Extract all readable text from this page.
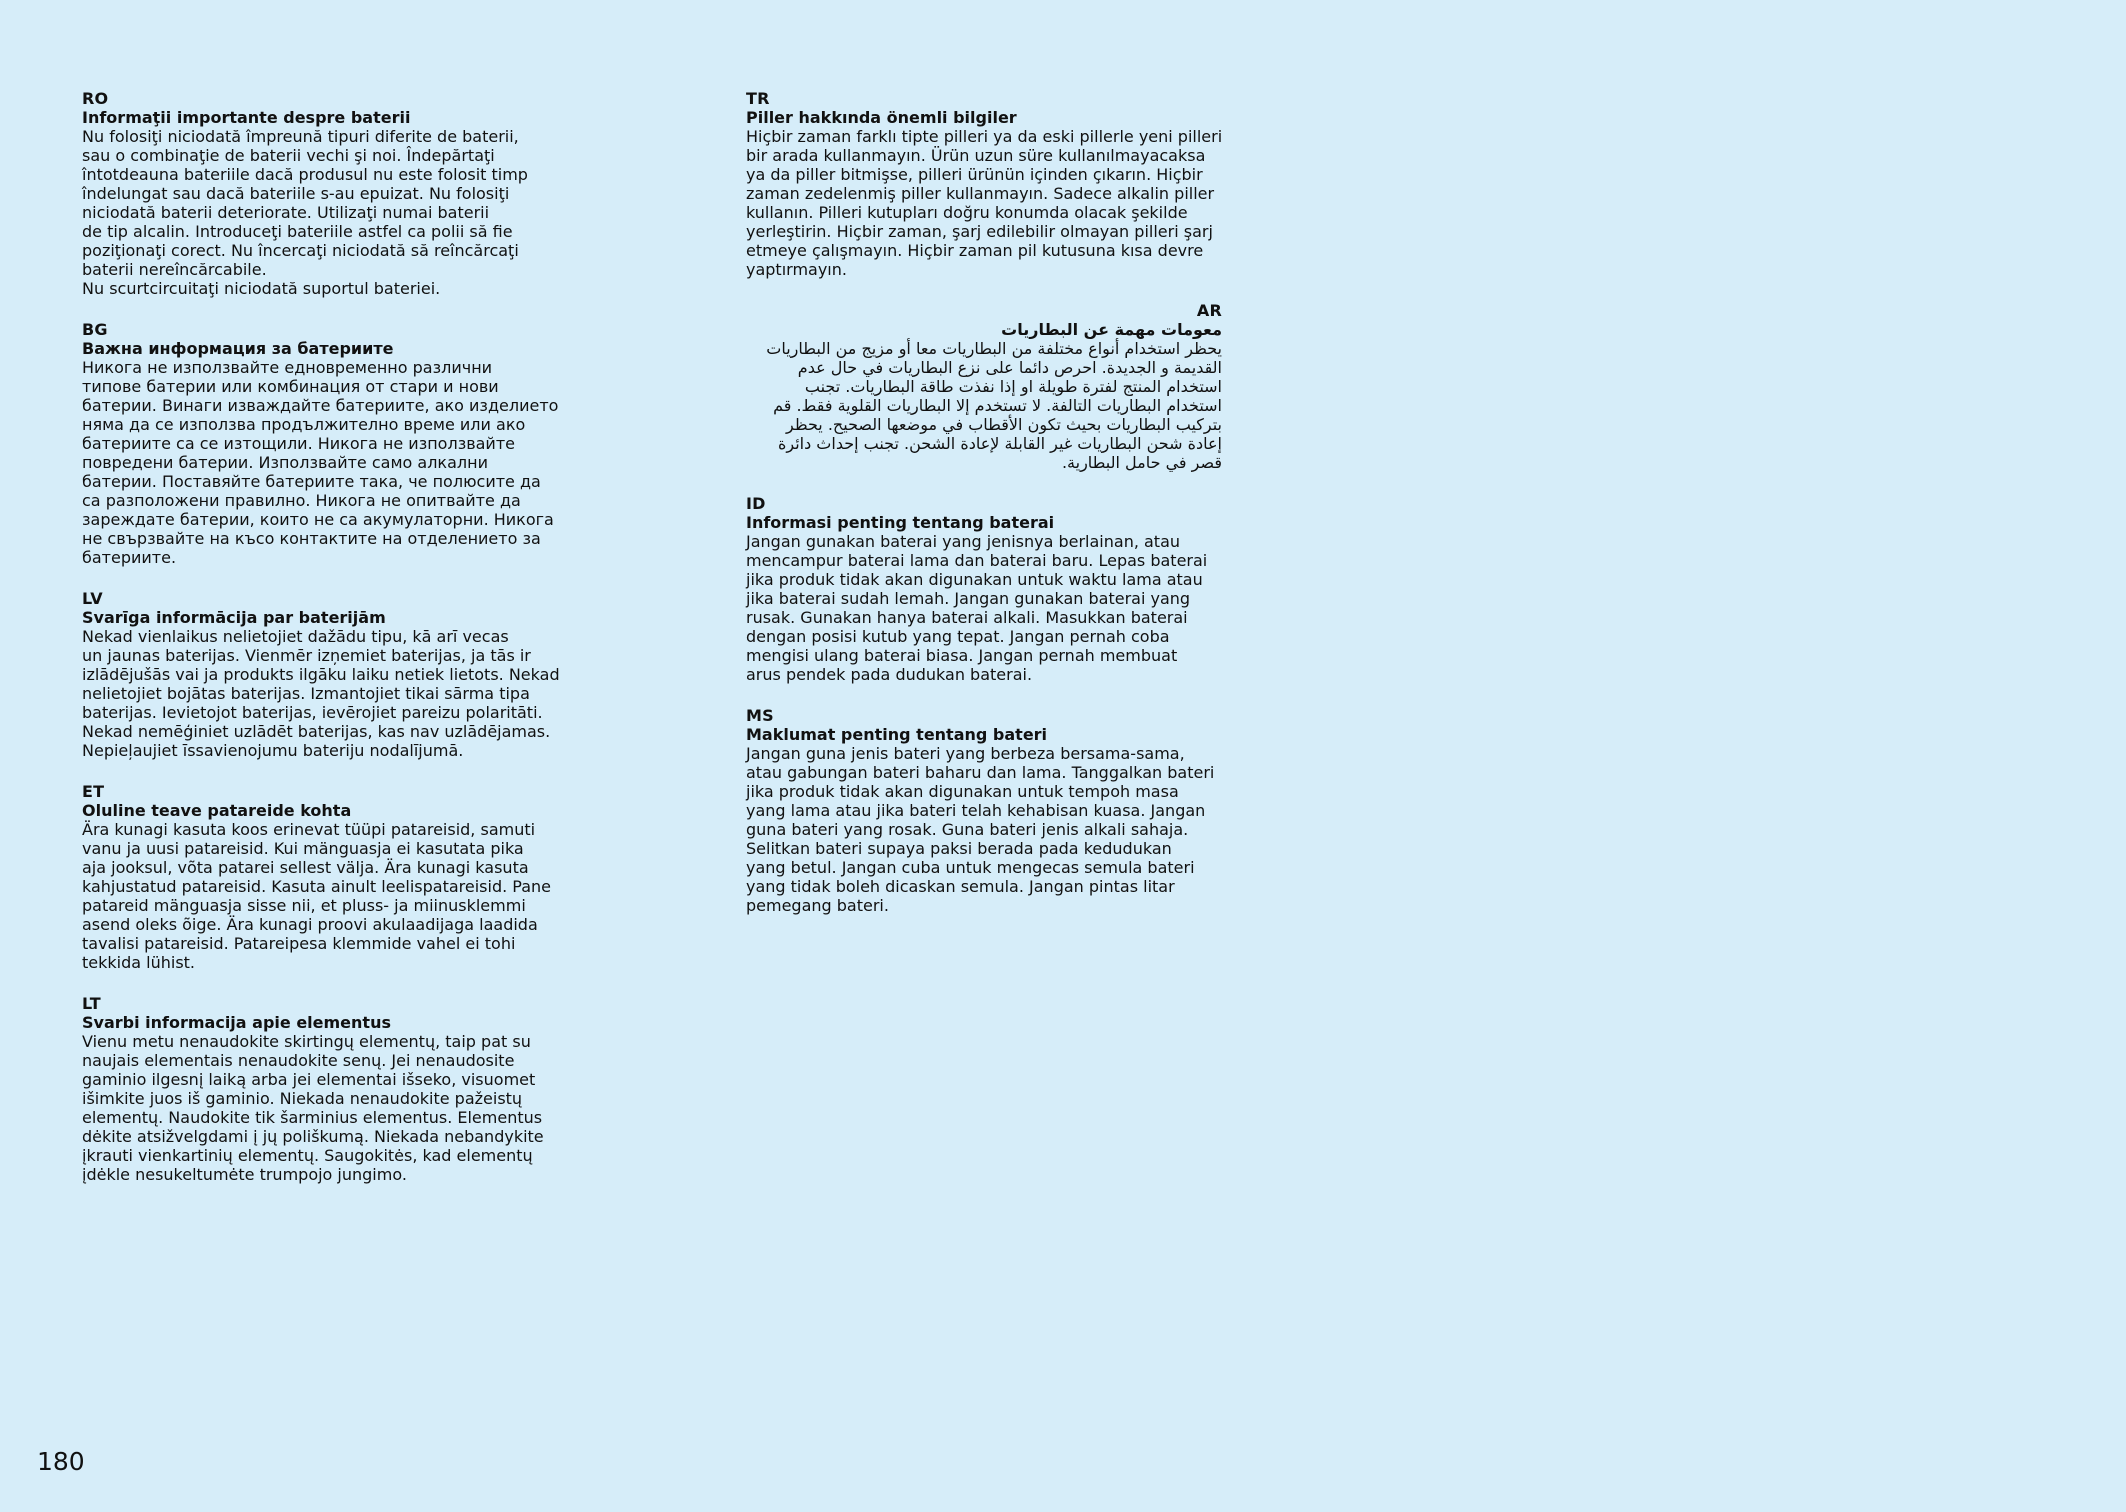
RO
Informaţii importante despre baterii
Nu folosiţi niciodată împreună tipuri diferite de baterii,
sau o combinaţie de baterii vechi şi noi. Îndepărtaţi
întotdeauna bateriile dacă produsul nu este folosit timp
îndelungat sau dacă bateriile s-au epuizat. Nu folosiţi
niciodată baterii deteriorate. Utilizaţi numai baterii
de tip alcalin. Introduceţi bateriile astfel ca polii să fie
poziţionaţi corect. Nu încercaţi niciodată să reîncărcaţi
baterii nereîncărcabile.
Nu scurtcircuitaţi niciodată suportul bateriei.
BG
Важна информация за батериите
Никога не използвайте едновременно различни
типове батерии или комбинация от стари и нови
батерии. Винаги изваждайте батериите, ако изделието
няма да се използва продължително време или ако
батериите са се изтощили. Никога не използвайте
повредени батерии. Използвайте само алкални
батерии. Поставяйте батериите така, че полюсите да
са разположени правилно. Никога не опитвайте да
зареждате батерии, които не са акумулаторни. Никога
не свързвайте на късо контактите на отделението за
батериите.
LV
Svarīga informācija par baterijām
Nekad vienlaikus nelietojiet dažādu tipu, kā arī vecas
un jaunas baterijas. Vienmēr izņemiet baterijas, ja tās ir
izlādējušās vai ja produkts ilgāku laiku netiek lietots. Nekad
nelietojiet bojātas baterijas. Izmantojiet tikai sārma tipa
baterijas. Ievietojot baterijas, ievērojiet pareizu polaritāti.
Nekad nemēģiniet uzlādēt baterijas, kas nav uzlādējamas.
Nepieļaujiet īssavienojumu bateriju nodalījumā.
ET
Oluline teave patareide kohta
Ära kunagi kasuta koos erinevat tüüpi patareisid, samuti
vanu ja uusi patareisid. Kui mänguasja ei kasutata pika
aja jooksul, võta patarei sellest välja. Ära kunagi kasuta
kahjustatud patareisid. Kasuta ainult leelispatareisid. Pane
patareid mänguasja sisse nii, et pluss- ja miinusklemmi
asend oleks õige. Ära kunagi proovi akulaadijaga laadida
tavalisi patareisid. Patareipesa klemmide vahel ei tohi
tekkida lühist.
LT
Svarbi informacija apie elementus
Vienu metu nenaudokite skirtingų elementų, taip pat su
naujais elementais nenaudokite senų. Jei nenaudosite
gaminio ilgesnį laiką arba jei elementai išseko, visuomet
išimkite juos iš gaminio. Niekada nenaudokite pažeistų
elementų. Naudokite tik šarminius elementus. Elementus
dėkite atsižvelgdami į jų poliškumą. Niekada nebandykite
įkrauti vienkartinių elementų. Saugokitės, kad elementų
įdėkle nesukeltumėte trumpojo jungimo.
TR
Piller hakkında önemli bilgiler
Hiçbir zaman farklı tipte pilleri ya da eski pillerle yeni pilleri
bir arada kullanmayın. Ürün uzun süre kullanılmayacaksa
ya da piller bitmişse, pilleri ürünün içinden çıkarın. Hiçbir
zaman zedelenmiş piller kullanmayın. Sadece alkalin piller
kullanın. Pilleri kutupları doğru konumda olacak şekilde
yerleştirin. Hiçbir zaman, şarj edilebilir olmayan pilleri şarj
etmeye çalışmayın. Hiçbir zaman pil kutusuna kısa devre
yaptırmayın.
AR
معومات مهمة عن البطاريات
يحظر استخدام أنواع مختلفة من البطاريات معا أو مزيج من البطاريات
القديمة و الجديدة. احرص دائما على نزع البطاريات في حال عدم
استخدام المنتج لفترة طويلة او إذا نفذت طاقة البطاريات. تجنب
استخدام البطاريات التالفة. لا تستخدم إلا البطاريات القلوية فقط. قم
بتركيب البطاريات بحيث تكون الأقطاب في موضعها الصحيح. يحظر
إعادة شحن البطاريات غير القابلة لإعادة الشحن. تجنب إحداث دائرة
قصر في حامل البطارية.
ID
Informasi penting tentang baterai
Jangan gunakan baterai yang jenisnya berlainan, atau
mencampur baterai lama dan baterai baru. Lepas baterai
jika produk tidak akan digunakan untuk waktu lama atau
jika baterai sudah lemah. Jangan gunakan baterai yang
rusak. Gunakan hanya baterai alkali. Masukkan baterai
dengan posisi kutub yang tepat. Jangan pernah coba
mengisi ulang baterai biasa. Jangan pernah membuat
arus pendek pada dudukan baterai.
MS
Maklumat penting tentang bateri
Jangan guna jenis bateri yang berbeza bersama-sama,
atau gabungan bateri baharu dan lama. Tanggalkan bateri
jika produk tidak akan digunakan untuk tempoh masa
yang lama atau jika bateri telah kehabisan kuasa. Jangan
guna bateri yang rosak. Guna bateri jenis alkali sahaja.
Selitkan bateri supaya paksi berada pada kedudukan
yang betul. Jangan cuba untuk mengecas semula bateri
yang tidak boleh dicaskan semula. Jangan pintas litar
pemegang bateri.
180
